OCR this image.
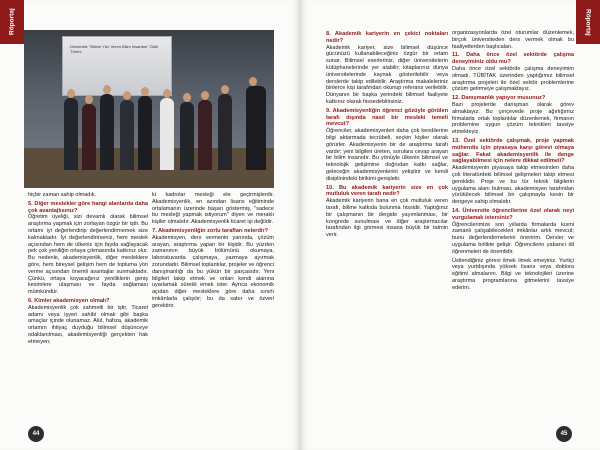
Röportaj
Üniversite "Bilime Yön Veren Bilim İnsanları" Ödül Töreni

hiçbir zaman sahip olmadık.

5. Diğer meslekler göre hangi alanlarda daha çok avantajlısınız?

Öğretim üyeliği, sizi devamlı olarak bilimsel araştırma yapmak için zorlayan özgür bir iştir. Bu ortamı iyi değerlendirip değerlendirmemek size kalmaktadır. İyi değerlendirirseniz, hem meslek açısından hem de ülkeniz için fayda sağlayacak pek çok yeniliğin ortaya çıkmasında katkınız olur. Bu nedenle, akademisyenlik, diğer mesleklere göre, hem bireysel gelişim hem de topluma yön verme açısından önemli avantajlar sunmaktadır. Çünkü, ortaya koyacağınız yeniliklerin geniş kesimlere ulaşması ve fayda sağlaması mümkündür.

6. Kimler akademisyen olmalı?

Akademisyenlik çok zahmetli bir iştir. Ticaret adamı veya işyeri sahibi olmak gibi başka amaçlar içinde olunamaz. Akıl, hafıza, akademik ortamın ihtiyaç duyduğu bilimsel düşünceye odaklanılması, akademisyenliği gerçekten hak etmeyen;

ki kadrolar mesleği ele geçirmişlerdir. Akademisyenlik, en azından lisans eğitiminde ortalamanın üzerinde başarı göstermiş, "sadece bu mesleği yapmak istiyorum" diyen ve meraklı kişiler olmalıdır. Akademisyenlik ticaret işi değildir.

7. Akademisyenliğin zorlu tarafları nelerdir?

Akademisyen, ders vermenin yanında, çözüm arayan, araştırma yapan bir kişidir. Bu yüzden zamanının büyük bölümünü okumaya, laboratuvarda çalışmaya, yazmaya ayırmak zorundadır. Bilimsel toplantılar, projeler ve öğrenci danışmanlığı da bu yükün bir parçasıdır. Yeni bilgileri takip etmek ve onları kendi alanına uyarlamak sürekli emek ister. Ayrıca ekonomik açıdan diğer mesleklere göre daha sınırlı imkânlarla çalışılır; bu da sabır ve özveri gerektirir.

44
Röportaj
8. Akademik kariyerin en çekici noktaları nedir?

Akademik kariyer, size bilimsel düşünce gücünüzü kullanabileceğiniz özgür bir ortam sunar. Bilimsel eserleriniz, diğer üniversitelerin kütüphanelerinde yer alabilir; kitaplarınız dünya üniversitelerinde kaynak gösterilebilir veya derslerde takip edilebilir. Araştırma makaleleriniz binlerce kişi tarafından okunup referans verilebilir. Dünyanın bir başka yerindeki bilimsel faaliyete katkınız olarak hissedebilirsiniz.

9. Akademisyenliğin öğrenci gözüyle görülen tarafı dışında nasıl bir mesleki temeli mevcut?

Öğrenciler, akademisyenleri daha çok kendilerine bilgi aktarmada tecrübeli, seçkin kişiler olarak görürler. Akademisyenin bir de araştırma tarafı vardır; yeni bilgileri üreten, sorulara cevap arayan bir bilim insanıdır. Bu yönüyle ülkenin bilimsel ve teknolojik gelişimine doğrudan katkı sağlar, geleceğin akademisyenlerini yetiştirir ve kendi disiplinindeki birikimi genişletir.

10. Bu akademik kariyerin size en çok mutluluk veren tarafı nedir?

Akademik kariyerin bana en çok mutluluk veren tarafı, bilime katkıda bulunma hissidir. Yaptığınız bir çalışmanın bir dergide yayımlanması, bir kongrede sunulması ve diğer araştırmacılar tarafından ilgi görmesi insana büyük bir tatmin verir.

organizasyonlarda özel oturumlar düzenlemek, birçok üniversiteden ders vermek olmak bu faaliyetlerden başlıcaları.

11. Daha önce özel sektörde çalışma deneyiminiz oldu mu?

Daha önce özel sektörde çalışma deneyimim olmadı. TÜBİTAK üzerinden yaptığımız bilimsel araştırma projeleri ile özel sektör problemlerine çözüm getirmeye çalışmaktayız.

12. Danışmanlık yapıyor musunuz?

Bazı projelerde danışman olarak görev almaktayız. Bu çerçevede proje ağırlığımız firmalarla ortak toplantılar düzenlemek, firmanın problemine uygun çözüm teknikleri tavsiye etmekteyiz.

13. Özel sektörde çalışmak, proje yapmak mühendis için piyasaya karşı görevi olmaya sağlar. Fakat akademisyenlik ile denge sağlayabilmesi için nelere dikkat edilmeli?

Akademisyenin piyasaya takip etmesinden daha çok literatürdeki bilimsel gelişmeleri takip etmesi gereklidir. Proje ve bu tür teknik bilgilerin uygulama alanı bulması, akademisyen tarafından yürütülecek bilimsel bir çalışmayla kesin bir dengeye sahip olmalıdır.

14. Üniversite öğrencilerine özel olarak neyi vurgulamak istersiniz?

Öğrencilerimize son yıllarda firmalarda kısmi zamanlı çalışabilecekleri imkânlar artık mevcut; bunu değerlendirmelerini öneririm. Dersler ve uygulama birlikte gelişir. Öğrencilerin yabancı dil öğrenmeleri de önemlidir.

Üstlendiğiniz görevi ilmek ilmek emeyiniz. Yurtiçi veya yurtdışında yüksek lisans veya doktora eğitimi almalarını. Bilgi ve teknolojileri üzerine araştırma programlarına gitmelerini tavsiye ederim.

45
